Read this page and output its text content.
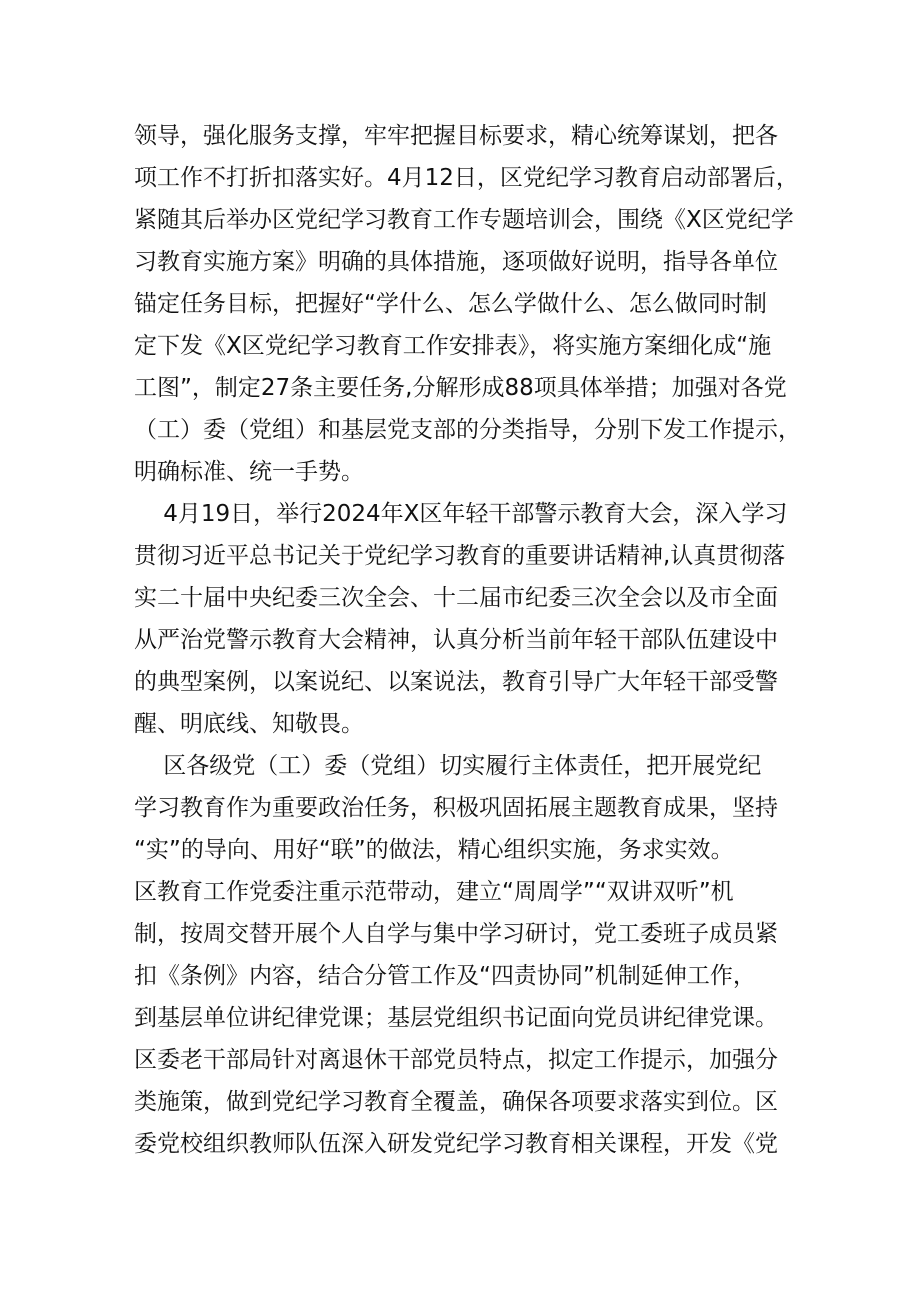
领导，强化服务支撑，牢牢把握目标要求，精心统筹谋划，把各
项工作不打折扣落实好。4月12日，区党纪学习教育启动部署后，
紧随其后举办区党纪学习教育工作专题培训会，围绕《X区党纪学
习教育实施方案》明确的具体措施，逐项做好说明，指导各单位
锚定任务目标，把握好“学什么、怎么学做什么、怎么做同时制
定下发《X区党纪学习教育工作安排表》，将实施方案细化成“施
工图”，制定27条主要任务,分解形成88项具体举措；加强对各党
（工）委（党组）和基层党支部的分类指导，分别下发工作提示，
明确标准、统一手势。
4月19日，举行2024年X区年轻干部警示教育大会，深入学习
贯彻习近平总书记关于党纪学习教育的重要讲话精神,认真贯彻落
实二十届中央纪委三次全会、十二届市纪委三次全会以及市全面
从严治党警示教育大会精神，认真分析当前年轻干部队伍建设中
的典型案例，以案说纪、以案说法，教育引导广大年轻干部受警
醒、明底线、知敬畏。
区各级党（工）委（党组）切实履行主体责任，把开展党纪
学习教育作为重要政治任务，积极巩固拓展主题教育成果，坚持
“实”的导向、用好“联”的做法，精心组织实施，务求实效。
区教育工作党委注重示范带动，建立“周周学”“双讲双听”机
制，按周交替开展个人自学与集中学习研讨，党工委班子成员紧
扣《条例》内容，结合分管工作及“四责协同”机制延伸工作，
到基层单位讲纪律党课；基层党组织书记面向党员讲纪律党课。
区委老干部局针对离退休干部党员特点，拟定工作提示，加强分
类施策，做到党纪学习教育全覆盖，确保各项要求落实到位。区
委党校组织教师队伍深入研发党纪学习教育相关课程，开发《党
